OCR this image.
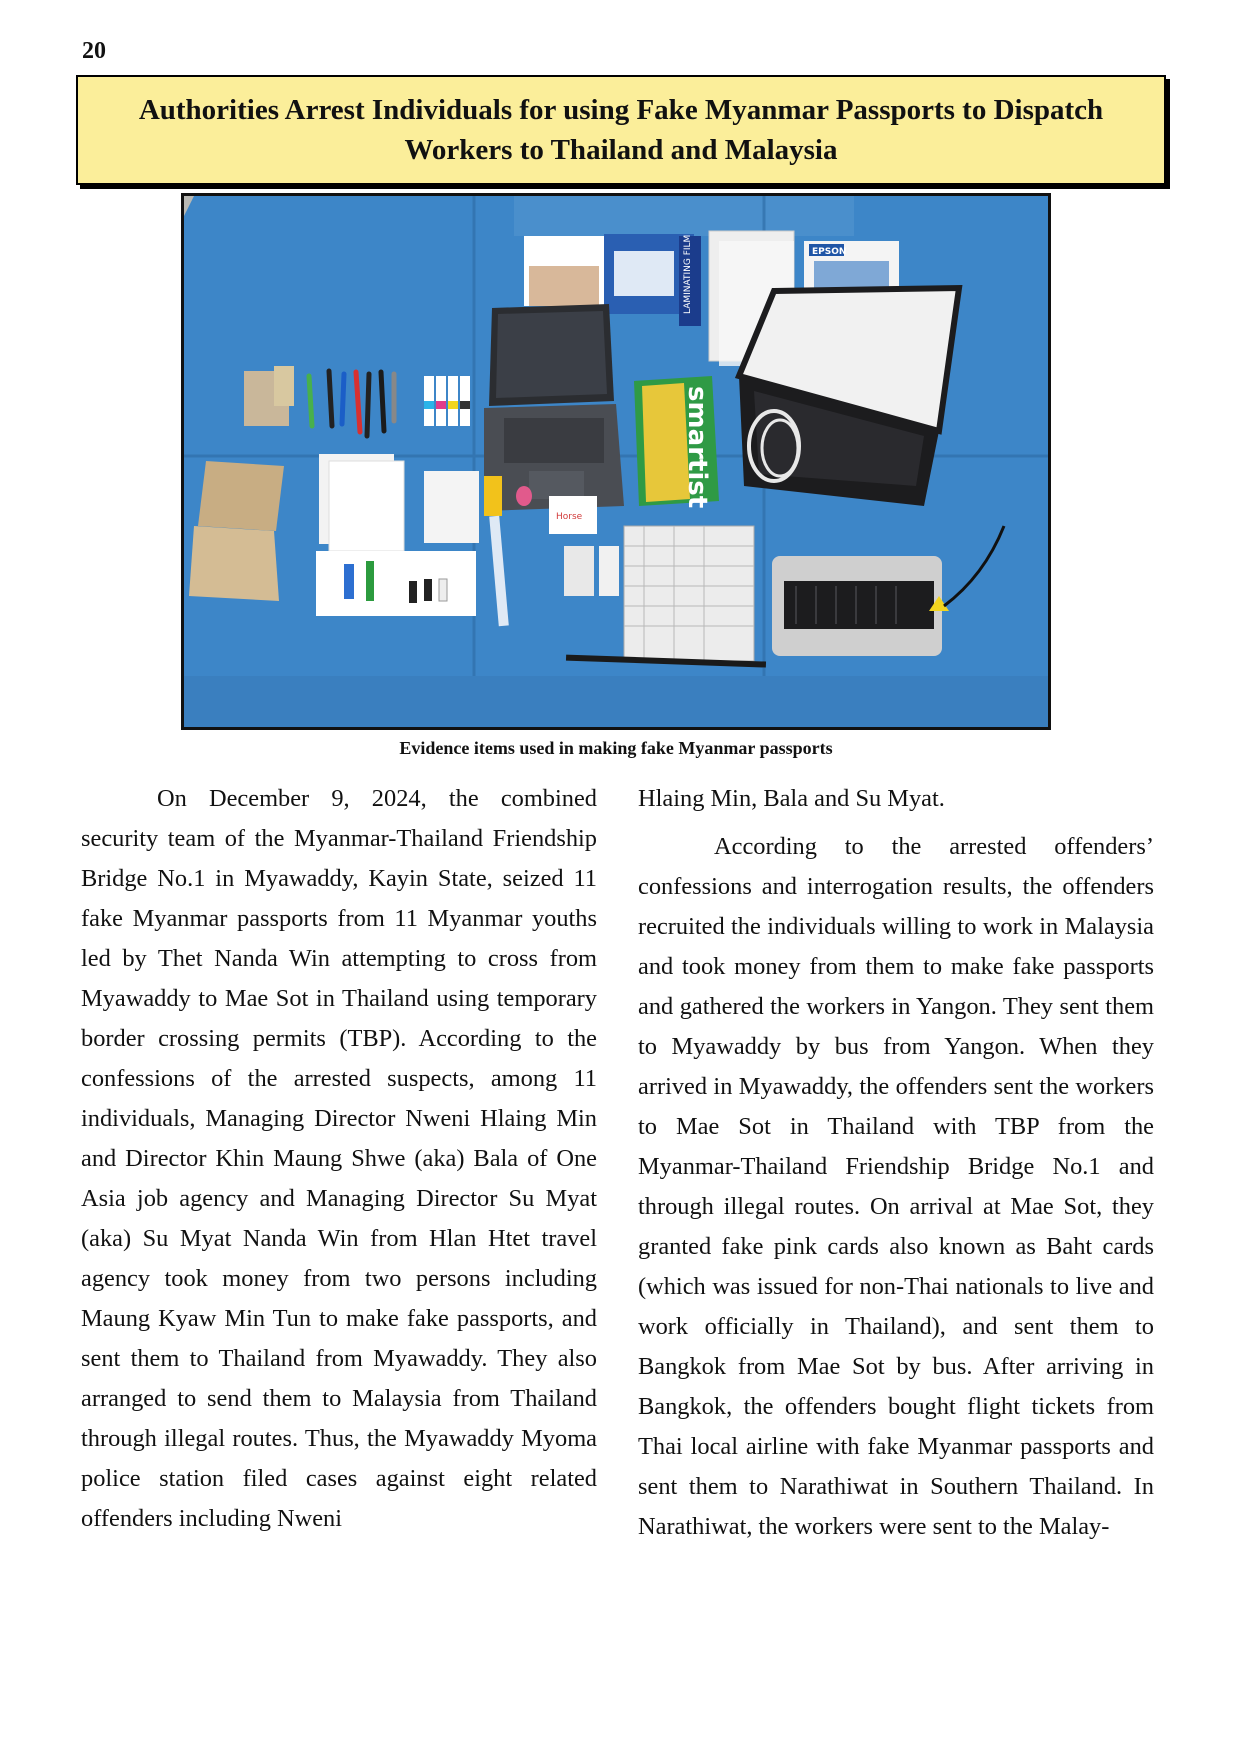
20
Authorities Arrest Individuals for using Fake Myanmar Passports to Dispatch Workers to Thailand and Malaysia
LAMINATING FILM	EPSON
smartist
Horse
Evidence items used in making fake Myanmar passports

On December 9, 2024, the combined security team of the Myanmar-Thailand Friendship Bridge No.1 in Myawaddy, Kayin State, seized 11 fake Myanmar passports from 11 Myanmar youths led by Thet Nanda Win attempting to cross from Myawaddy to Mae Sot in Thailand using temporary border crossing permits (TBP). According to the confessions of the arrested suspects, among 11 individuals, Managing Director Nweni Hlaing Min and Director Khin Maung Shwe (aka) Bala of One Asia job agency and Managing Director Su Myat (aka) Su Myat Nanda Win from Hlan Htet travel agency took money from two persons including Maung Kyaw Min Tun to make fake passports, and sent them to Thailand from Myawaddy. They also arranged to send them to Malaysia from Thailand through illegal routes. Thus, the Myawaddy Myoma police station filed cases against eight related offenders including Nweni

Hlaing Min, Bala and Su Myat.

According to the arrested offenders’ confessions and interrogation results, the offenders recruited the individuals willing to work in Malaysia and took money from them to make fake passports and gathered the workers in Yangon. They sent them to Myawaddy by bus from Yangon. When they arrived in Myawaddy, the offenders sent the workers to Mae Sot in Thailand with TBP from the Myanmar-Thailand Friendship Bridge No.1 and through illegal routes. On arrival at Mae Sot, they granted fake pink cards also known as Baht cards (which was issued for non-Thai nationals to live and work officially in Thailand), and sent them to Bangkok from Mae Sot by bus. After arriving in Bangkok, the offenders bought flight tickets from Thai local airline with fake Myanmar passports and sent them to Narathiwat in Southern Thailand. In Narathiwat, the workers were sent to the Malay-
